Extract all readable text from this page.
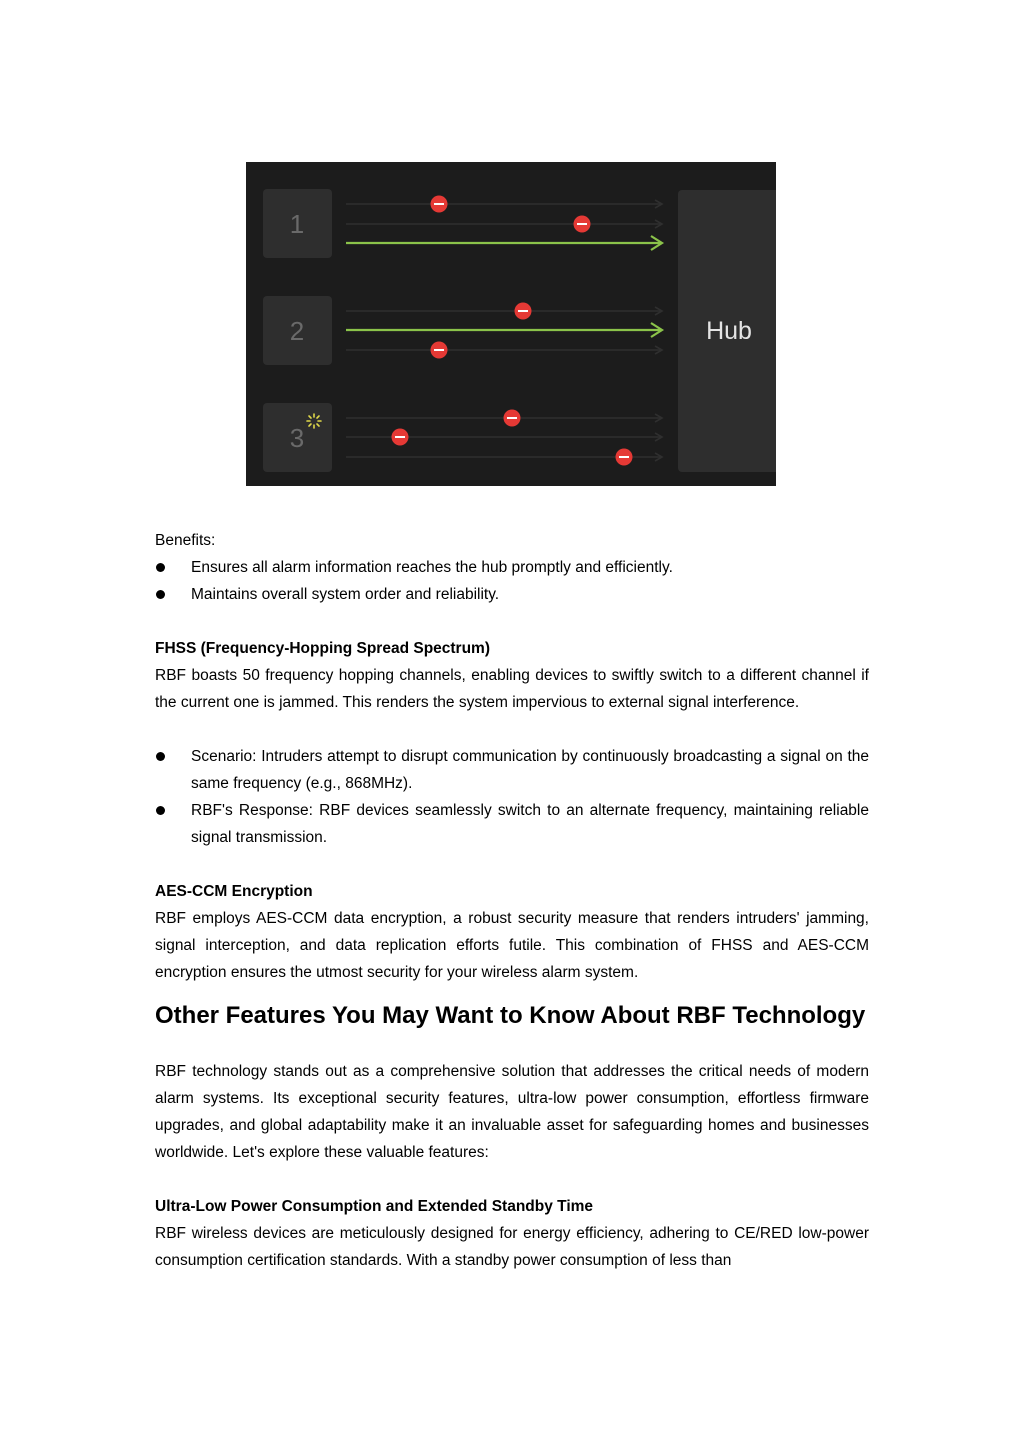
1
2
3
Hub

Benefits:

Ensures all alarm information reaches the hub promptly and efficiently.
Maintains overall system order and reliability.

FHSS (Frequency-Hopping Spread Spectrum)

RBF boasts 50 frequency hopping channels, enabling devices to swiftly switch to a different channel if the current one is jammed. This renders the system impervious to external signal interference.

Scenario: Intruders attempt to disrupt communication by continuously broadcasting a signal on the same frequency (e.g., 868MHz).
RBF's Response: RBF devices seamlessly switch to an alternate frequency, maintaining reliable signal transmission.

AES-CCM Encryption

RBF employs AES-CCM data encryption, a robust security measure that renders intruders' jamming, signal interception, and data replication efforts futile. This combination of FHSS and AES-CCM encryption ensures the utmost security for your wireless alarm system.

Other Features You May Want to Know About RBF Technology

RBF technology stands out as a comprehensive solution that addresses the critical needs of modern alarm systems. Its exceptional security features, ultra-low power consumption, effortless firmware upgrades, and global adaptability make it an invaluable asset for safeguarding homes and businesses worldwide. Let's explore these valuable features:

Ultra-Low Power Consumption and Extended Standby Time

RBF wireless devices are meticulously designed for energy efficiency, adhering to CE/RED low-power consumption certification standards. With a standby power consumption of less than
